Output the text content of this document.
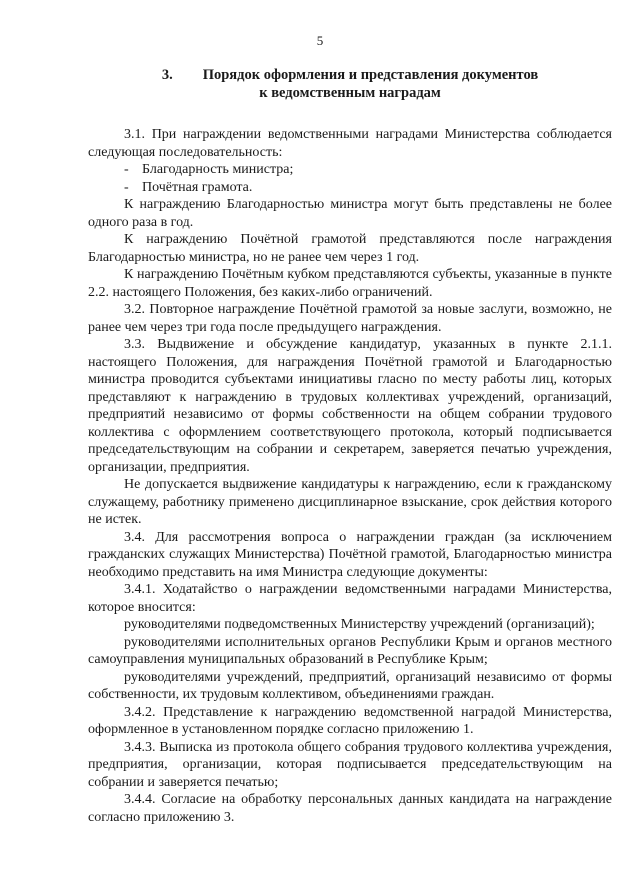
5
3. Порядок оформления и представления документов
к ведомственным наградам

3.1. При награждении ведомственными наградами Министерства соблюдается следующая последовательность:

- Благодарность министра;

- Почётная грамота.

К награждению Благодарностью министра могут быть представлены не более одного раза в год.

К награждению Почётной грамотой представляются после награждения Благодарностью министра, но не ранее чем через 1 год.

К награждению Почётным кубком представляются субъекты, указанные в пункте 2.2. настоящего Положения, без каких-либо ограничений.

3.2. Повторное награждение Почётной грамотой за новые заслуги, возможно, не ранее чем через три года после предыдущего награждения.

3.3. Выдвижение и обсуждение кандидатур, указанных в пункте 2.1.1. настоящего Положения, для награждения Почётной грамотой и Благодарностью министра проводится субъектами инициативы гласно по месту работы лиц, которых представляют к награждению в трудовых коллективах учреждений, организаций, предприятий независимо от формы собственности на общем собрании трудового коллектива с оформлением соответствующего протокола, который подписывается председательствующим на собрании и секретарем, заверяется печатью учреждения, организации, предприятия.

Не допускается выдвижение кандидатуры к награждению, если к гражданскому служащему, работнику применено дисциплинарное взыскание, срок действия которого не истек.

3.4. Для рассмотрения вопроса о награждении граждан (за исключением гражданских служащих Министерства) Почётной грамотой, Благодарностью министра необходимо представить на имя Министра следующие документы:

3.4.1. Ходатайство о награждении ведомственными наградами Министерства, которое вносится:

руководителями подведомственных Министерству учреждений (организаций);

руководителями исполнительных органов Республики Крым и органов местного самоуправления муниципальных образований в Республике Крым;

руководителями учреждений, предприятий, организаций независимо от формы собственности, их трудовым коллективом, объединениями граждан.

3.4.2. Представление к награждению ведомственной наградой Министерства, оформленное в установленном порядке согласно приложению 1.

3.4.3. Выписка из протокола общего собрания трудового коллектива учреждения, предприятия, организации, которая подписывается председательствующим на собрании и заверяется печатью;

3.4.4. Согласие на обработку персональных данных кандидата на награждение согласно приложению 3.
